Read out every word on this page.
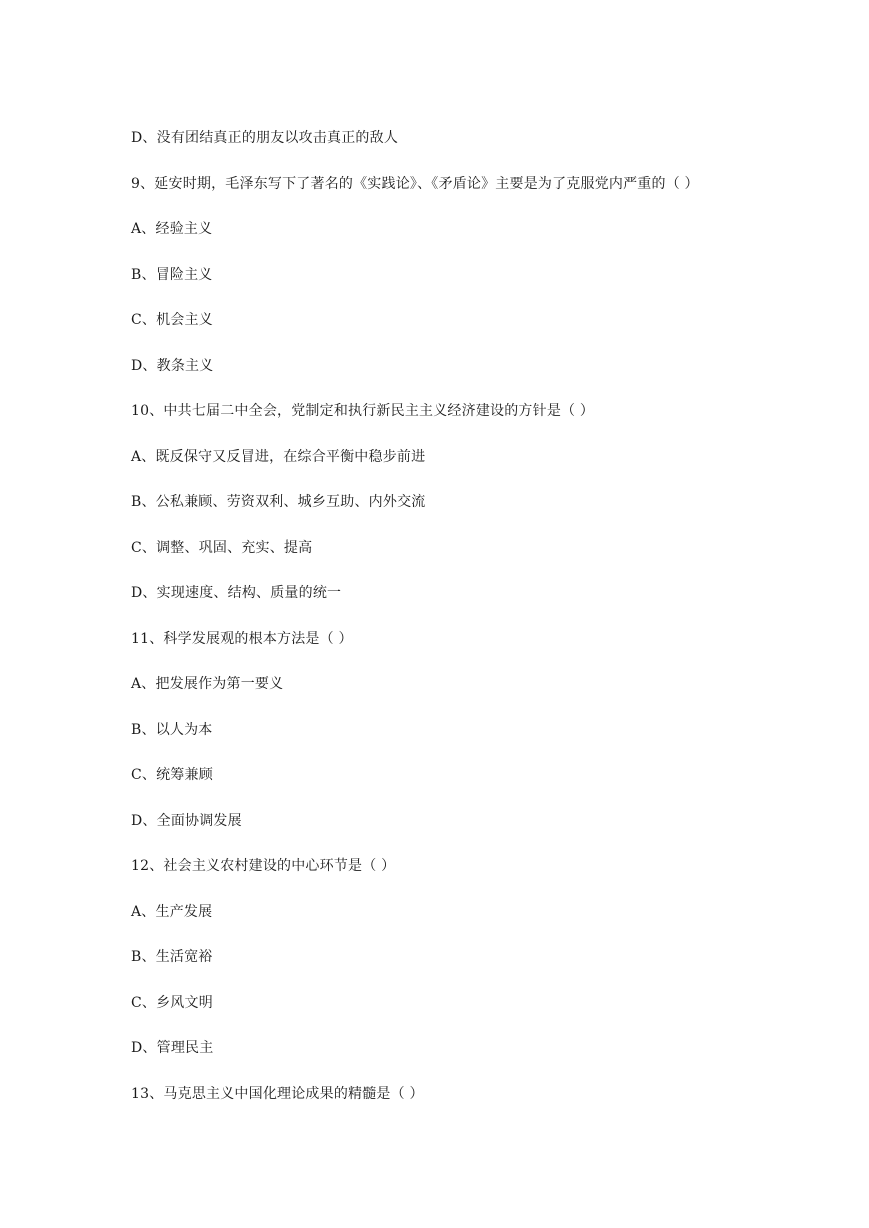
D、没有团结真正的朋友以攻击真正的敌人
9、延安时期，毛泽东写下了著名的《实践论》、《矛盾论》主要是为了克服党内严重的（ ）
A、经验主义
B、冒险主义
C、机会主义
D、教条主义
10、中共七届二中全会，党制定和执行新民主主义经济建设的方针是（ ）
A、既反保守又反冒进，在综合平衡中稳步前进
B、公私兼顾、劳资双利、城乡互助、内外交流
C、调整、巩固、充实、提高
D、实现速度、结构、质量的统一
11、科学发展观的根本方法是（ ）
A、把发展作为第一要义
B、以人为本
C、统筹兼顾
D、全面协调发展
12、社会主义农村建设的中心环节是（ ）
A、生产发展
B、生活宽裕
C、乡风文明
D、管理民主
13、马克思主义中国化理论成果的精髓是（ ）
